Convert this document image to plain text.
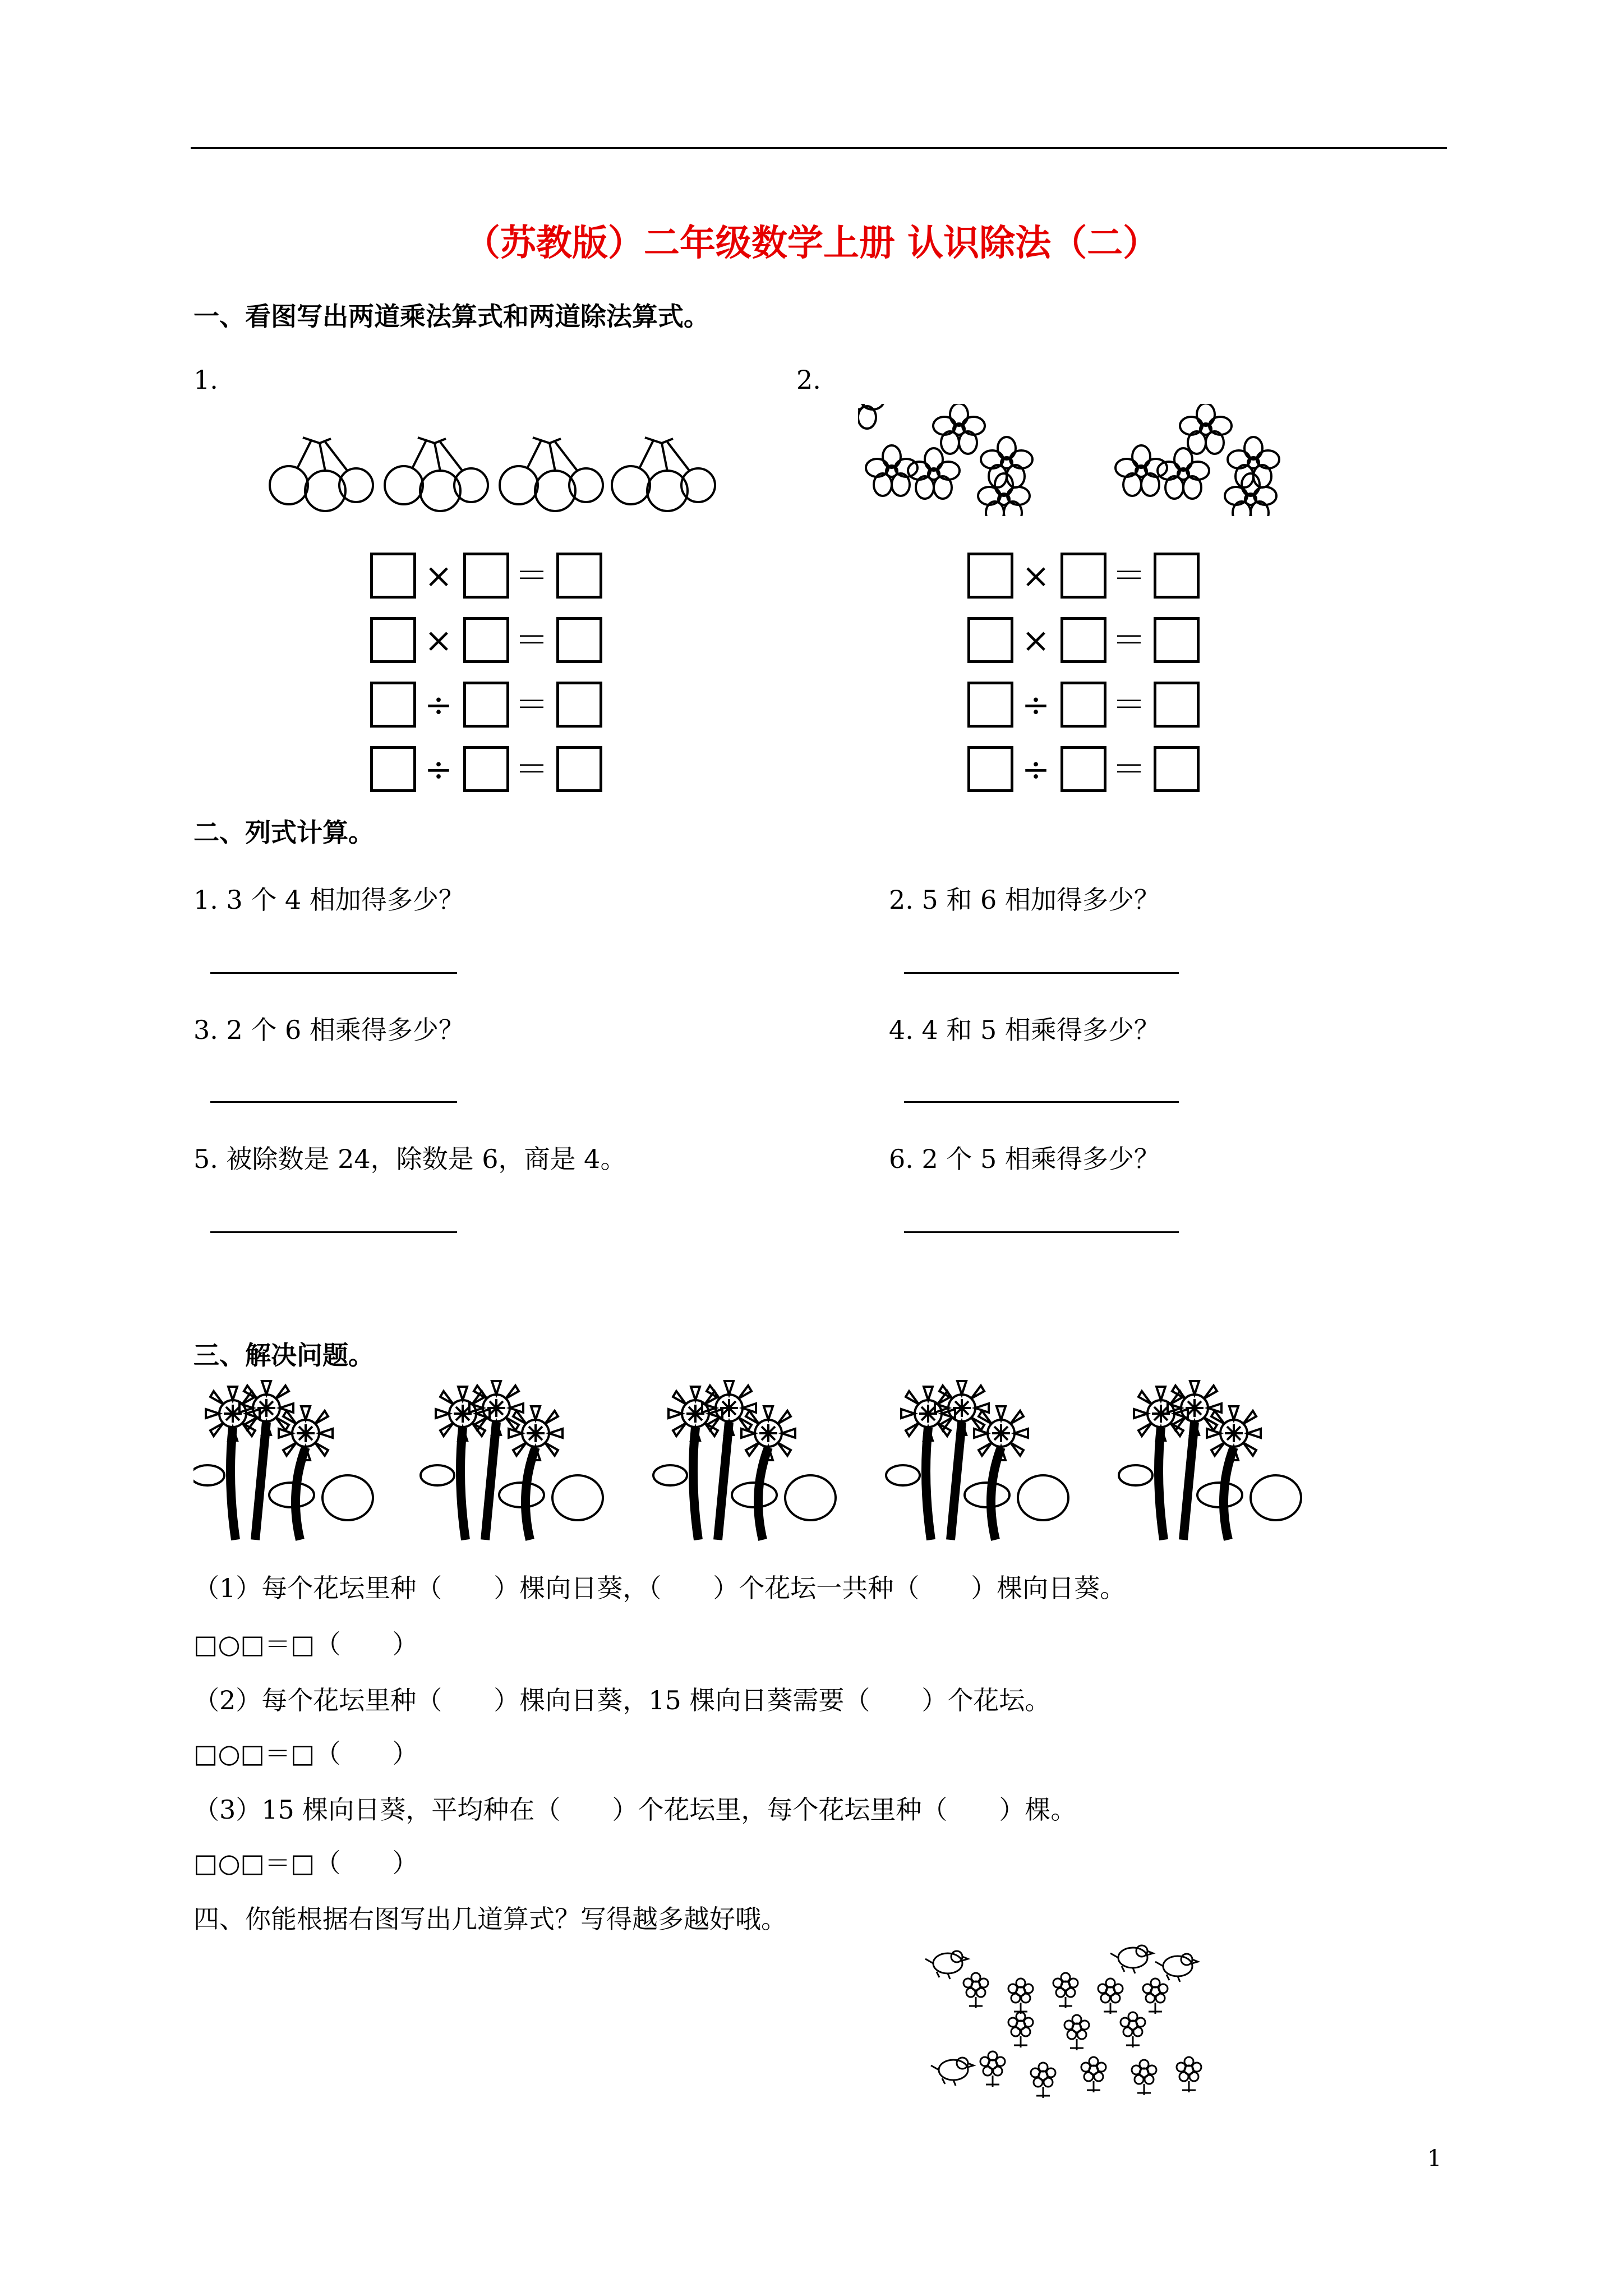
（苏教版）二年级数学上册 认识除法（二）
一、看图写出两道乘法算式和两道除法算式。
1.	2.
× ＝
× ＝
÷ ＝
÷ ＝
× ＝
× ＝
÷ ＝
÷ ＝
二、列式计算。
1. 3 个 4 相加得多少？	2. 5 和 6 相加得多少？
3. 2 个 6 相乘得多少？	4. 4 和 5 相乘得多少？
5. 被除数是 24，除数是 6，商是 4。	6. 2 个 5 相乘得多少？
三、解决问题。
（1）每个花坛里种（　　）棵向日葵，（　　）个花坛一共种（　　）棵向日葵。
□○□＝□（　　）
（2）每个花坛里种（　　）棵向日葵，15 棵向日葵需要（　　）个花坛。
□○□＝□（　　）
（3）15 棵向日葵，平均种在（　　）个花坛里，每个花坛里种（　　）棵。
□○□＝□（　　）
四、你能根据右图写出几道算式？写得越多越好哦。
1
